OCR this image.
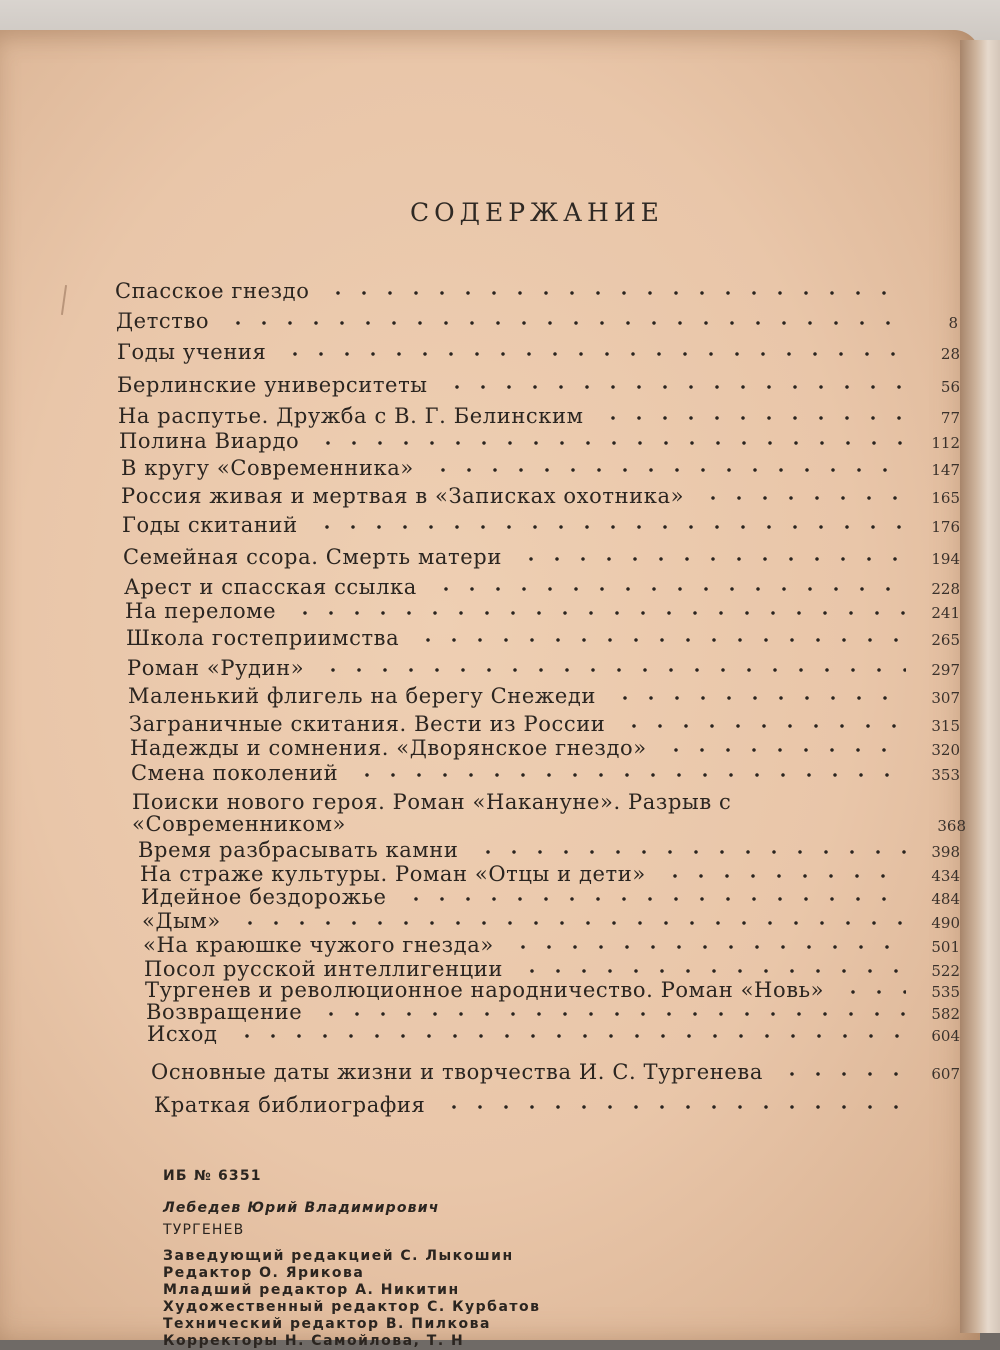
СОДЕРЖАНИЕ
Спасское гнездо
Детство	8
Годы учения	28
Берлинские университеты	56
На распутье. Дружба с В. Г. Белинским	77
Полина Виардо	112
В кругу «Современника»	147
Россия живая и мертвая в «Записках охотника»	165
Годы скитаний	176
Семейная ссора. Смерть матери	194
Арест и спасская ссылка	228
На переломе	241
Школа гостеприимства	265
Роман «Рудин»	297
Маленький флигель на берегу Снежеди	307
Заграничные скитания. Вести из России	315
Надежды и сомнения. «Дворянское гнездо»	320
Смена поколений	353
Поиски нового героя. Роман «Накануне». Разрыв с «Современником»	368
Время разбрасывать камни	398
На страже культуры. Роман «Отцы и дети»	434
Идейное бездорожье	484
«Дым»	490
«На краюшке чужого гнезда»	501
Посол русской интеллигенции	522
Тургенев и революционное народничество. Роман «Новь»	535
Возвращение	582
Исход	604
Основные даты жизни и творчества И. С. Тургенева	607
Краткая библиография
ИБ № 6351
Лебедев Юрий Владимирович
ТУРГЕНЕВ
Заведующий редакцией С. Лыкошин
Редактор О. Ярикова
Младший редактор А. Никитин
Художественный редактор С. Курбатов
Технический редактор В. Пилкова
Корректоры Н. Самойлова, Т. Н
